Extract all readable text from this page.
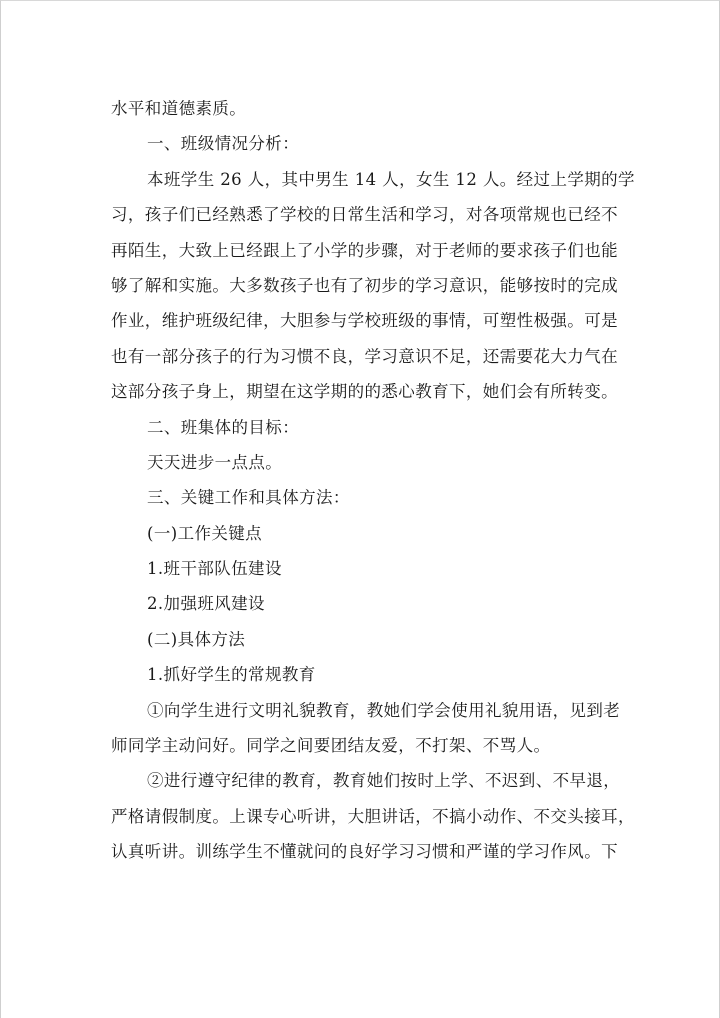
水平和道德素质。
一、班级情况分析：
本班学生 26 人，其中男生 14 人，女生 12 人。经过上学期的学
习，孩子们已经熟悉了学校的日常生活和学习，对各项常规也已经不
再陌生，大致上已经跟上了小学的步骤，对于老师的要求孩子们也能
够了解和实施。大多数孩子也有了初步的学习意识，能够按时的完成
作业，维护班级纪律，大胆参与学校班级的事情，可塑性极强。可是
也有一部分孩子的行为习惯不良，学习意识不足，还需要花大力气在
这部分孩子身上，期望在这学期的的悉心教育下，她们会有所转变。
二、班集体的目标：
天天进步一点点。
三、关键工作和具体方法：
(一)工作关键点
1.班干部队伍建设
2.加强班风建设
(二)具体方法
1.抓好学生的常规教育
①向学生进行文明礼貌教育，教她们学会使用礼貌用语，见到老
师同学主动问好。同学之间要团结友爱，不打架、不骂人。
②进行遵守纪律的教育，教育她们按时上学、不迟到、不早退，
严格请假制度。上课专心听讲，大胆讲话，不搞小动作、不交头接耳，
认真听讲。训练学生不懂就问的良好学习习惯和严谨的学习作风。下
